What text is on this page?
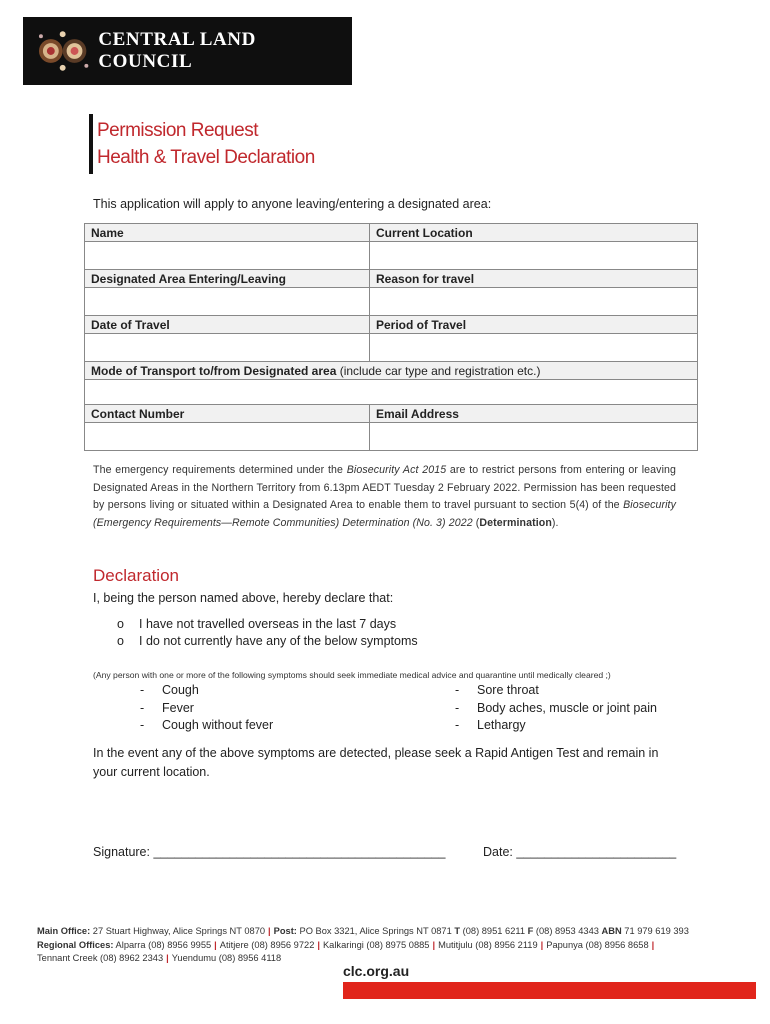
CENTRAL LAND COUNCIL
Permission Request
Health & Travel Declaration
This application will apply to anyone leaving/entering a designated area:
Name	Current Location

Designated Area Entering/Leaving	Reason for travel

Date of Travel	Period of Travel

Mode of Transport to/from Designated area (include car type and registration etc.)	

Contact Number	Email Address

The emergency requirements determined under the Biosecurity Act 2015 are to restrict persons from entering or leaving Designated Areas in the Northern Territory from 6.13pm AEDT Tuesday 2 February 2022. Permission has been requested by persons living or situated within a Designated Area to enable them to travel pursuant to section 5(4) of the Biosecurity (Emergency Requirements—Remote Communities) Determination (No. 3) 2022 (Determination).
Declaration
I, being the person named above, hereby declare that:
o I have not travelled overseas in the last 7 days
o I do not currently have any of the below symptoms
(Any person with one or more of the following symptoms should seek immediate medical advice and quarantine until medically cleared ;)
- Cough
- Fever
- Cough without fever
- Sore throat
- Body aches, muscle or joint pain
- Lethargy
In the event any of the above symptoms are detected, please seek a Rapid Antigen Test and remain in your current location.
Signature: __________________________________________	Date: _______________________
Main Office: 27 Stuart Highway, Alice Springs NT 0870 | Post: PO Box 3321, Alice Springs NT 0871 T (08) 8951 6211 F (08) 8953 4343 ABN 71 979 619 393
Regional Offices: Alparra (08) 8956 9955 | Atitjere (08) 8956 9722 | Kalkaringi (08) 8975 0885 | Mutitjulu (08) 8956 2119 | Papunya (08) 8956 8658 |
Tennant Creek (08) 8962 2343 | Yuendumu (08) 8956 4118
clc.org.au
